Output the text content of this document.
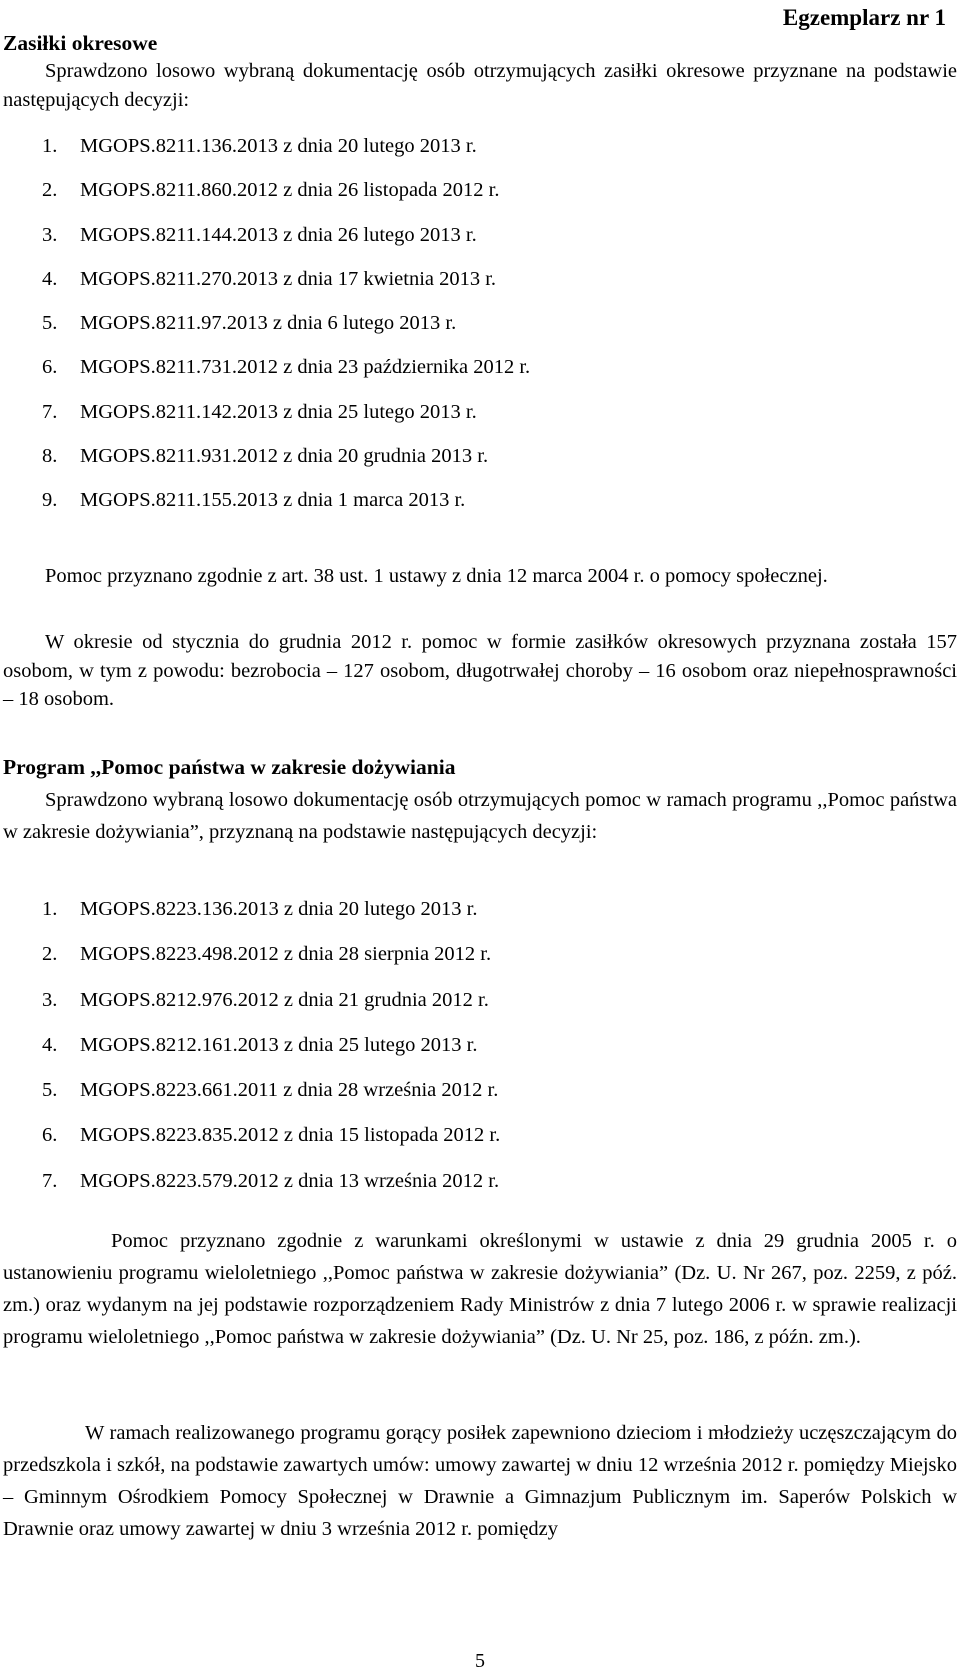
Egzemplarz nr 1
Zasiłki okresowe
Sprawdzono losowo wybraną dokumentację osób otrzymujących zasiłki okresowe przyznane na podstawie następujących decyzji:
1. MGOPS.8211.136.2013 z dnia 20 lutego 2013 r.
2. MGOPS.8211.860.2012 z dnia 26 listopada 2012 r.
3. MGOPS.8211.144.2013 z dnia 26 lutego 2013 r.
4. MGOPS.8211.270.2013 z dnia 17 kwietnia 2013 r.
5. MGOPS.8211.97.2013 z dnia 6 lutego 2013 r.
6. MGOPS.8211.731.2012 z dnia 23 października 2012 r.
7. MGOPS.8211.142.2013 z dnia 25 lutego 2013 r.
8. MGOPS.8211.931.2012 z dnia 20 grudnia 2013 r.
9. MGOPS.8211.155.2013 z dnia 1 marca 2013 r.
Pomoc przyznano zgodnie z art. 38 ust. 1 ustawy z dnia 12 marca 2004 r. o pomocy społecznej.
W okresie od stycznia do grudnia 2012 r. pomoc w formie zasiłków okresowych przyznana została 157 osobom, w tym z powodu: bezrobocia – 127 osobom, długotrwałej choroby – 16 osobom oraz niepełnosprawności – 18 osobom.
Program ,,Pomoc państwa w zakresie dożywiania
Sprawdzono wybraną losowo dokumentację osób otrzymujących pomoc w ramach programu ,,Pomoc państwa w zakresie dożywiania”, przyznaną na podstawie następujących decyzji:
1. MGOPS.8223.136.2013 z dnia 20 lutego 2013 r.
2. MGOPS.8223.498.2012 z dnia 28 sierpnia 2012 r.
3. MGOPS.8212.976.2012 z dnia 21 grudnia 2012 r.
4. MGOPS.8212.161.2013 z dnia 25 lutego 2013 r.
5. MGOPS.8223.661.2011 z dnia 28 września 2012 r.
6. MGOPS.8223.835.2012 z dnia 15 listopada 2012 r.
7. MGOPS.8223.579.2012 z dnia 13 września 2012 r.
Pomoc przyznano zgodnie z warunkami określonymi w ustawie z dnia 29 grudnia 2005 r. o ustanowieniu programu wieloletniego ,,Pomoc państwa w zakresie dożywiania” (Dz. U. Nr 267, poz. 2259, z póź. zm.) oraz wydanym na jej podstawie rozporządzeniem Rady Ministrów z dnia 7 lutego 2006 r. w sprawie realizacji programu wieloletniego ,,Pomoc państwa w zakresie dożywiania” (Dz. U. Nr 25, poz. 186, z późn. zm.).
W ramach realizowanego programu gorący posiłek zapewniono dzieciom i młodzieży uczęszczającym do przedszkola i szkół, na podstawie zawartych umów: umowy zawartej w dniu 12 września 2012 r. pomiędzy Miejsko – Gminnym Ośrodkiem Pomocy Społecznej w Drawnie a Gimnazjum Publicznym im. Saperów Polskich w Drawnie oraz umowy zawartej w dniu 3 września 2012 r. pomiędzy
5
